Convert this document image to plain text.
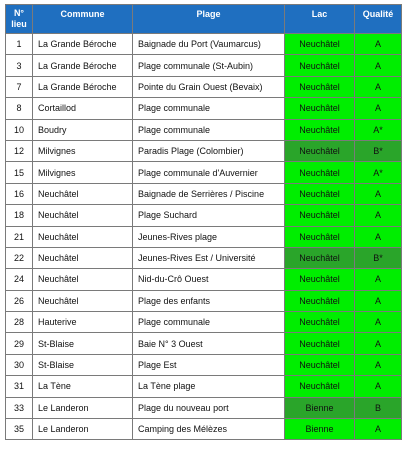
N°
lieu	Commune	Plage	Lac	Qualité

1	La Grande Béroche	Baignade du Port (Vaumarcus)	Neuchâtel	A
3	La Grande Béroche	Plage communale (St-Aubin)	Neuchâtel	A
7	La Grande Béroche	Pointe du Grain Ouest (Bevaix)	Neuchâtel	A
8	Cortaillod	Plage communale	Neuchâtel	A
10	Boudry	Plage communale	Neuchâtel	A*
12	Milvignes	Paradis Plage (Colombier)	Neuchâtel	B*
15	Milvignes	Plage communale d'Auvernier	Neuchâtel	A*
16	Neuchâtel	Baignade de Serrières / Piscine	Neuchâtel	A
18	Neuchâtel	Plage Suchard	Neuchâtel	A
21	Neuchâtel	Jeunes-Rives plage	Neuchâtel	A
22	Neuchâtel	Jeunes-Rives Est / Université	Neuchâtel	B*
24	Neuchâtel	Nid-du-Crô Ouest	Neuchâtel	A
26	Neuchâtel	Plage des enfants	Neuchâtel	A
28	Hauterive	Plage communale	Neuchâtel	A
29	St-Blaise	Baie N° 3 Ouest	Neuchâtel	A
30	St-Blaise	Plage Est	Neuchâtel	A
31	La Tène	La Tène plage	Neuchâtel	A
33	Le Landeron	Plage du nouveau port	Bienne	B
35	Le Landeron	Camping des Mélèzes	Bienne	A
